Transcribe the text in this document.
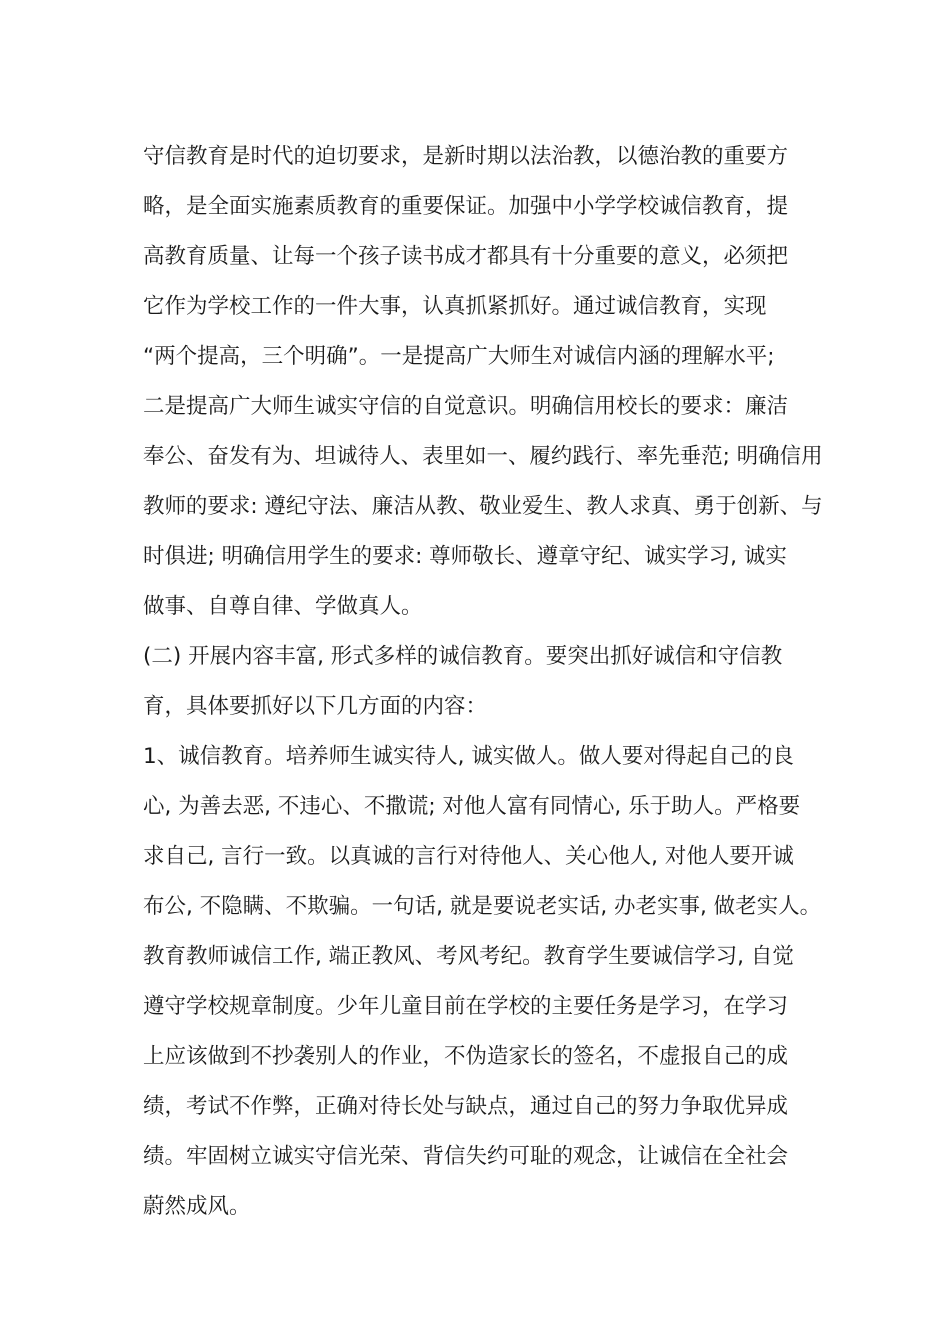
守信教育是时代的迫切要求，是新时期以法治教，以德治教的重要方
略，是全面实施素质教育的重要保证。加强中小学学校诚信教育，提
高教育质量、让每一个孩子读书成才都具有十分重要的意义，必须把
它作为学校工作的一件大事，认真抓紧抓好。通过诚信教育，实现
“两个提高，三个明确”。一是提高广大师生对诚信内涵的理解水平;
二是提高广大师生诚实守信的自觉意识。明确信用校长的要求：廉洁
奉公、奋发有为、坦诚待人、表里如一、履约践行、率先垂范; 明确信用
教师的要求: 遵纪守法、廉洁从教、敬业爱生、教人求真、勇于创新、与
时俱进; 明确信用学生的要求: 尊师敬长、遵章守纪、诚实学习, 诚实
做事、自尊自律、学做真人。
(二) 开展内容丰富, 形式多样的诚信教育。要突出抓好诚信和守信教
育，具体要抓好以下几方面的内容：
1、诚信教育。培养师生诚实待人, 诚实做人。做人要对得起自己的良
心, 为善去恶, 不违心、不撒谎; 对他人富有同情心, 乐于助人。严格要
求自己, 言行一致。以真诚的言行对待他人、关心他人, 对他人要开诚
布公, 不隐瞒、不欺骗。一句话, 就是要说老实话, 办老实事, 做老实人。
教育教师诚信工作, 端正教风、考风考纪。教育学生要诚信学习, 自觉
遵守学校规章制度。少年儿童目前在学校的主要任务是学习，在学习
上应该做到不抄袭别人的作业，不伪造家长的签名，不虚报自己的成
绩，考试不作弊，正确对待长处与缺点，通过自己的努力争取优异成
绩。牢固树立诚实守信光荣、背信失约可耻的观念，让诚信在全社会
蔚然成风。
